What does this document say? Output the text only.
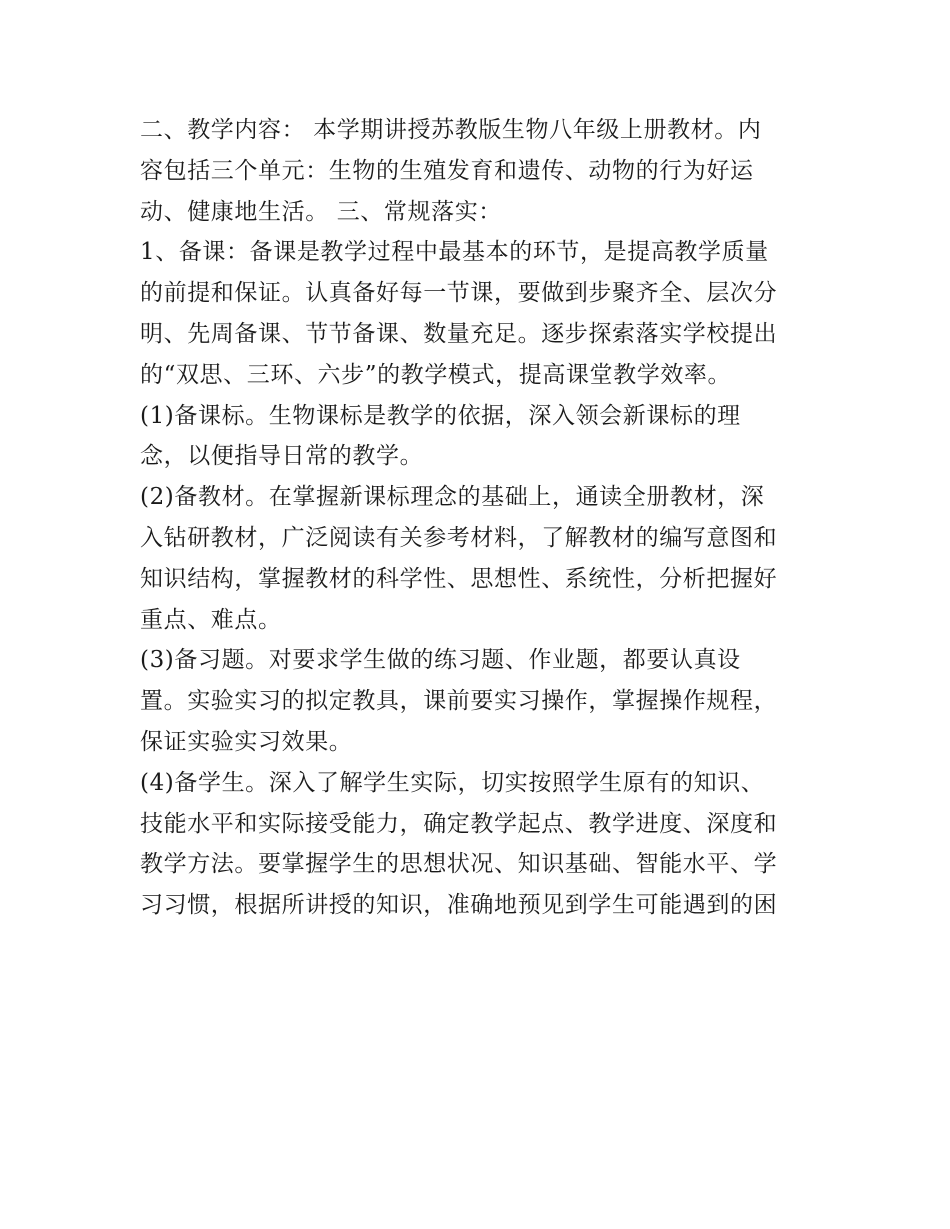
二、教学内容： 本学期讲授苏教版生物八年级上册教材。内
容包括三个单元：生物的生殖发育和遗传、动物的行为好运
动、健康地生活。 三、常规落实：
1、备课：备课是教学过程中最基本的环节，是提高教学质量
的前提和保证。认真备好每一节课，要做到步聚齐全、层次分
明、先周备课、节节备课、数量充足。逐步探索落实学校提出
的“双思、三环、六步”的教学模式，提高课堂教学效率。
(1)备课标。生物课标是教学的依据，深入领会新课标的理
念，以便指导日常的教学。
(2)备教材。在掌握新课标理念的基础上，通读全册教材，深
入钻研教材，广泛阅读有关参考材料，了解教材的编写意图和
知识结构，掌握教材的科学性、思想性、系统性，分析把握好
重点、难点。
(3)备习题。对要求学生做的练习题、作业题，都要认真设
置。实验实习的拟定教具，课前要实习操作，掌握操作规程，
保证实验实习效果。
(4)备学生。深入了解学生实际，切实按照学生原有的知识、
技能水平和实际接受能力，确定教学起点、教学进度、深度和
教学方法。要掌握学生的思想状况、知识基础、智能水平、学
习习惯，根据所讲授的知识，准确地预见到学生可能遇到的困
